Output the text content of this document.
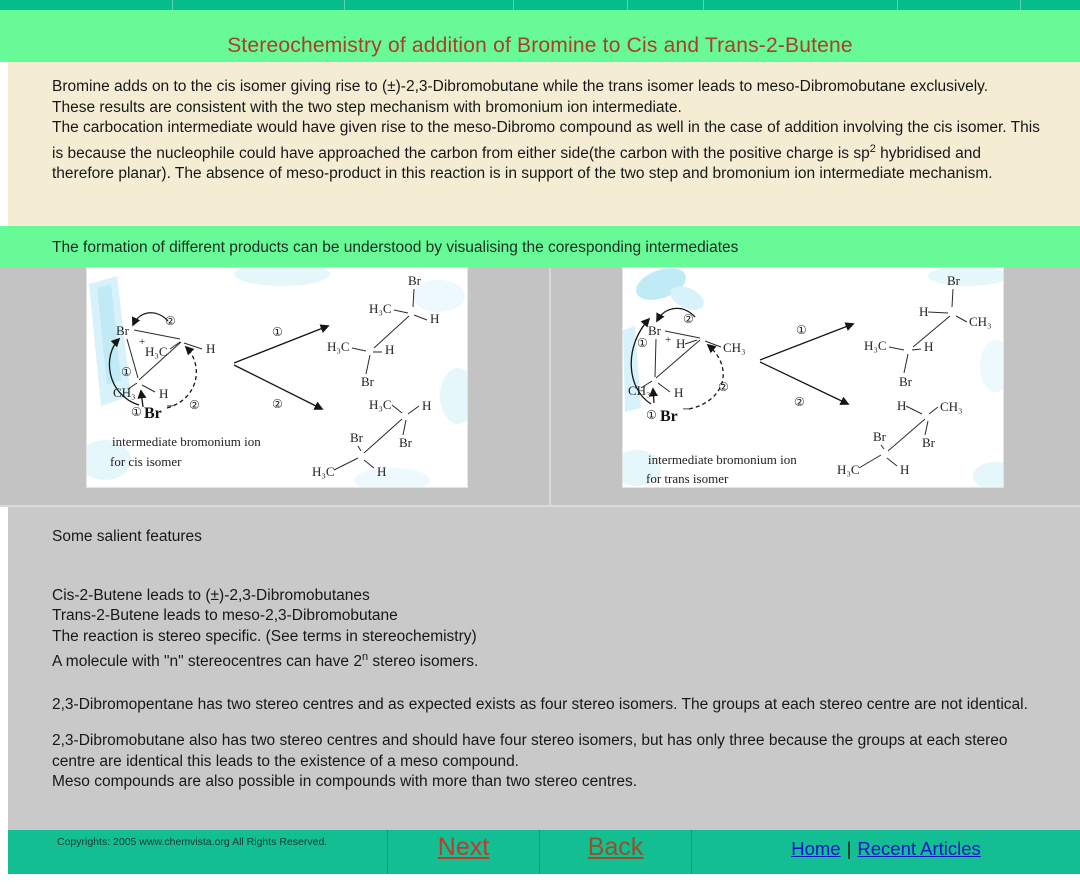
Stereochemistry of addition of Bromine to Cis and Trans-2-Butene

Bromine adds on to the cis isomer giving rise to (±)-2,3-Dibromobutane while the trans isomer leads to meso-Dibromobutane exclusively.

These results are consistent with the two step mechanism with bromonium ion intermediate.

The carbocation intermediate would have given rise to the meso-Dibromo compound as well in the case of addition involving the cis isomer. This is because the nucleophile could have approached the carbon from either side(the carbon with the positive charge is $sp^2$ hybridised and therefore planar). The absence of meso-product in this reaction is in support of the two step and bromonium ion intermediate mechanism.

The formation of different products can be understood by visualising the coresponding intermediates
Br
+
H₃C	H
CH₃ H
① Br −
①
②
②
①
②
Br
H₃C
H
H₃C	H
Br
H₃C H
Br
Br
H₃C	H
intermediate bromonium ion
for cis isomer
②
Br
① + H	CH₃
CH₃ H	②
① Br −
①
②
Br
H
CH₃
H₃C	H
Br
H	CH₃
Br
Br
H₃C	H
intermediate bromonium ion
for trans isomer

Some salient features

Cis-2-Butene leads to (±)-2,3-Dibromobutanes
Trans-2-Butene leads to meso-2,3-Dibromobutane
The reaction is stereo specific. (See terms in stereochemistry)
A molecule with "n" stereocentres can have 2$^n$ stereo isomers.

2,3-Dibromopentane has two stereo centres and as expected exists as four stereo isomers. The groups at each stereo centre are not identical.

2,3-Dibromobutane also has two stereo centres and should have four stereo isomers, but has only three because the groups at each stereo centre are identical this leads to the existence of a meso compound.

Meso compounds are also possible in compounds with more than two stereo centres.

Copyrights: 2005 www.chemvista.org All Rights Reserved.	Next	Back	Home | Recent Articles
